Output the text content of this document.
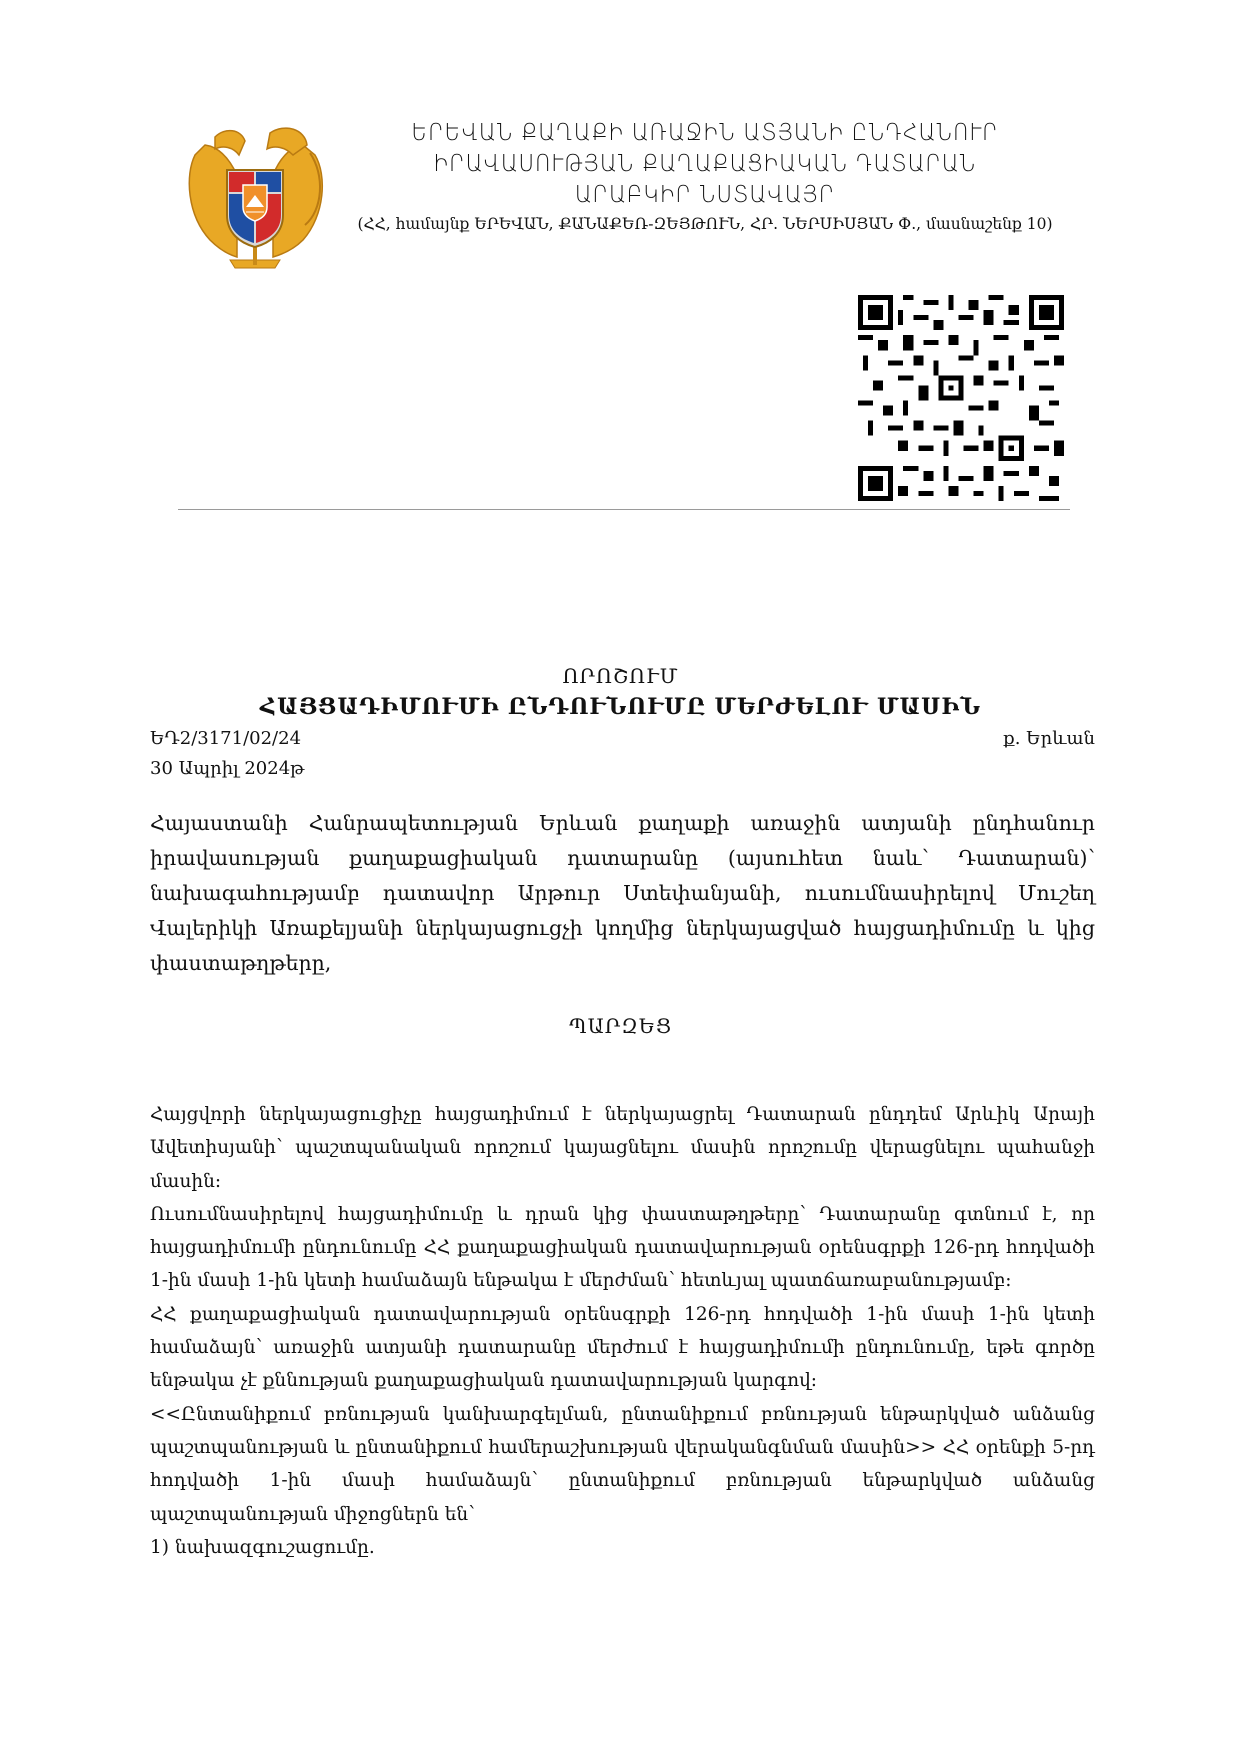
ԵՐԵՎԱՆ ՔԱՂԱՔԻ ԱՌԱՋԻՆ ԱՏՅԱՆԻ ԸՆԴՀԱՆՈՒՐ
ԻՐԱՎԱՍՈՒԹՅԱՆ ՔԱՂԱՔԱՑԻԱԿԱՆ ԴԱՏԱՐԱՆ
ԱՐԱԲԿԻՐ ՆՍՏԱՎԱՅՐ
(ՀՀ, համայնք ԵՐԵՎԱՆ, ՔԱՆԱՔԵՌ-ԶԵՅԹՈՒՆ, ՀՐ. ՆԵՐՍԻՍՅԱՆ Փ., մասնաշենք 10)
ՈՐՈՇՈՒՄ
ՀԱՅՑԱԴԻՄՈՒՄԻ ԸՆԴՈՒՆՈՒՄԸ ՄԵՐԺԵԼՈՒ ՄԱՍԻՆ
ԵԴ2/3171/02/24	ք. Երևան
30 Ապրիլ 2024թ
Հայաստանի Հանրապետության Երևան քաղաքի առաջին ատյանի ընդհանուր իրավասության քաղաքացիական դատարանը (այսուհետ նաև՝ Դատարան)՝ նախագահությամբ դատավոր Արթուր Ստեփանյանի, ուսումնասիրելով Մուշեղ Վալերիկի Առաքելյանի ներկայացուցչի կողմից ներկայացված հայցադիմումը և կից փաստաթղթերը,
ՊԱՐԶԵՑ

Հայցվորի ներկայացուցիչը հայցադիմում է ներկայացրել Դատարան ընդդեմ Արևիկ Արայի Ավետիսյանի՝ պաշտպանական որոշում կայացնելու մասին որոշումը վերացնելու պահանջի մասին:

Ուսումնասիրելով հայցադիմումը և դրան կից փաստաթղթերը՝ Դատարանը գտնում է, որ հայցադիմումի ընդունումը ՀՀ քաղաքացիական դատավարության օրենսգրքի 126-րդ հոդվածի 1-ին մասի 1-ին կետի համաձայն ենթակա է մերժման՝ հետևյալ պատճառաբանությամբ:

ՀՀ քաղաքացիական դատավարության օրենսգրքի 126-րդ հոդվածի 1-ին մասի 1-ին կետի համաձայն՝ առաջին ատյանի դատարանը մերժում է հայցադիմումի ընդունումը, եթե գործը ենթակա չէ քննության քաղաքացիական դատավարության կարգով:

<<Ընտանիքում բռնության կանխարգելման, ընտանիքում բռնության ենթարկված անձանց պաշտպանության և ընտանիքում համերաշխության վերականգնման մասին>> ՀՀ օրենքի 5-րդ հոդվածի 1-ին մասի համաձայն՝ ընտանիքում բռնության ենթարկված անձանց պաշտպանության միջոցներն են՝

1) նախազգուշացումը.
